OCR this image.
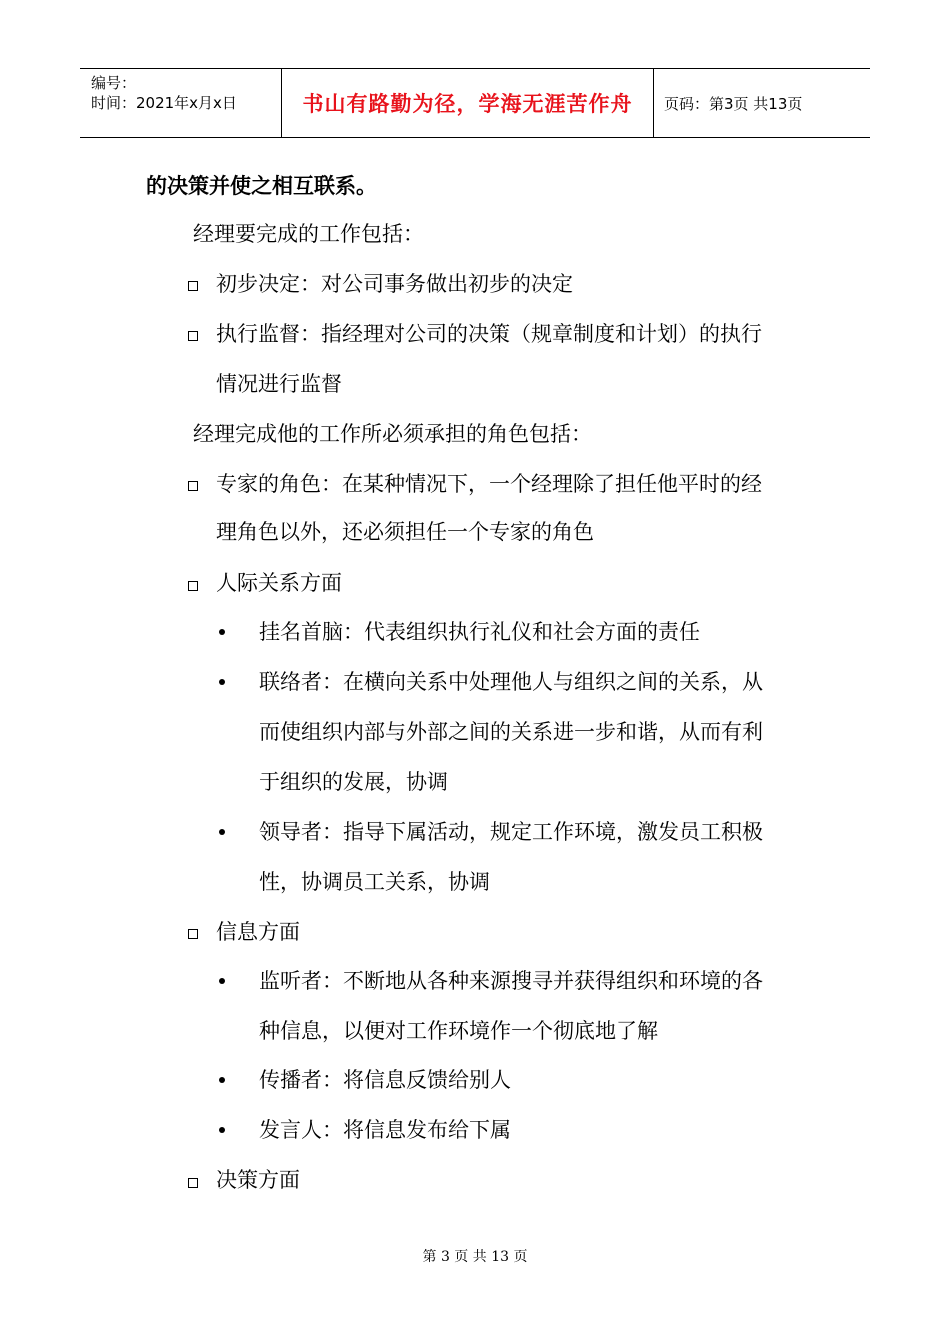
编号：
时间：2021年x月x日	书山有路勤为径，学海无涯苦作舟	页码：第3页 共13页
的决策并使之相互联系。
经理要完成的工作包括：
初步决定：对公司事务做出初步的决定
执行监督：指经理对公司的决策（规章制度和计划）的执行
情况进行监督
经理完成他的工作所必须承担的角色包括：
专家的角色：在某种情况下，一个经理除了担任他平时的经
理角色以外，还必须担任一个专家的角色
人际关系方面
挂名首脑：代表组织执行礼仪和社会方面的责任
联络者：在横向关系中处理他人与组织之间的关系，从
而使组织内部与外部之间的关系进一步和谐，从而有利
于组织的发展，协调
领导者：指导下属活动，规定工作环境，激发员工积极
性，协调员工关系，协调
信息方面
监听者：不断地从各种来源搜寻并获得组织和环境的各
种信息，以便对工作环境作一个彻底地了解
传播者：将信息反馈给别人
发言人：将信息发布给下属
决策方面
第 3 页 共 13 页
